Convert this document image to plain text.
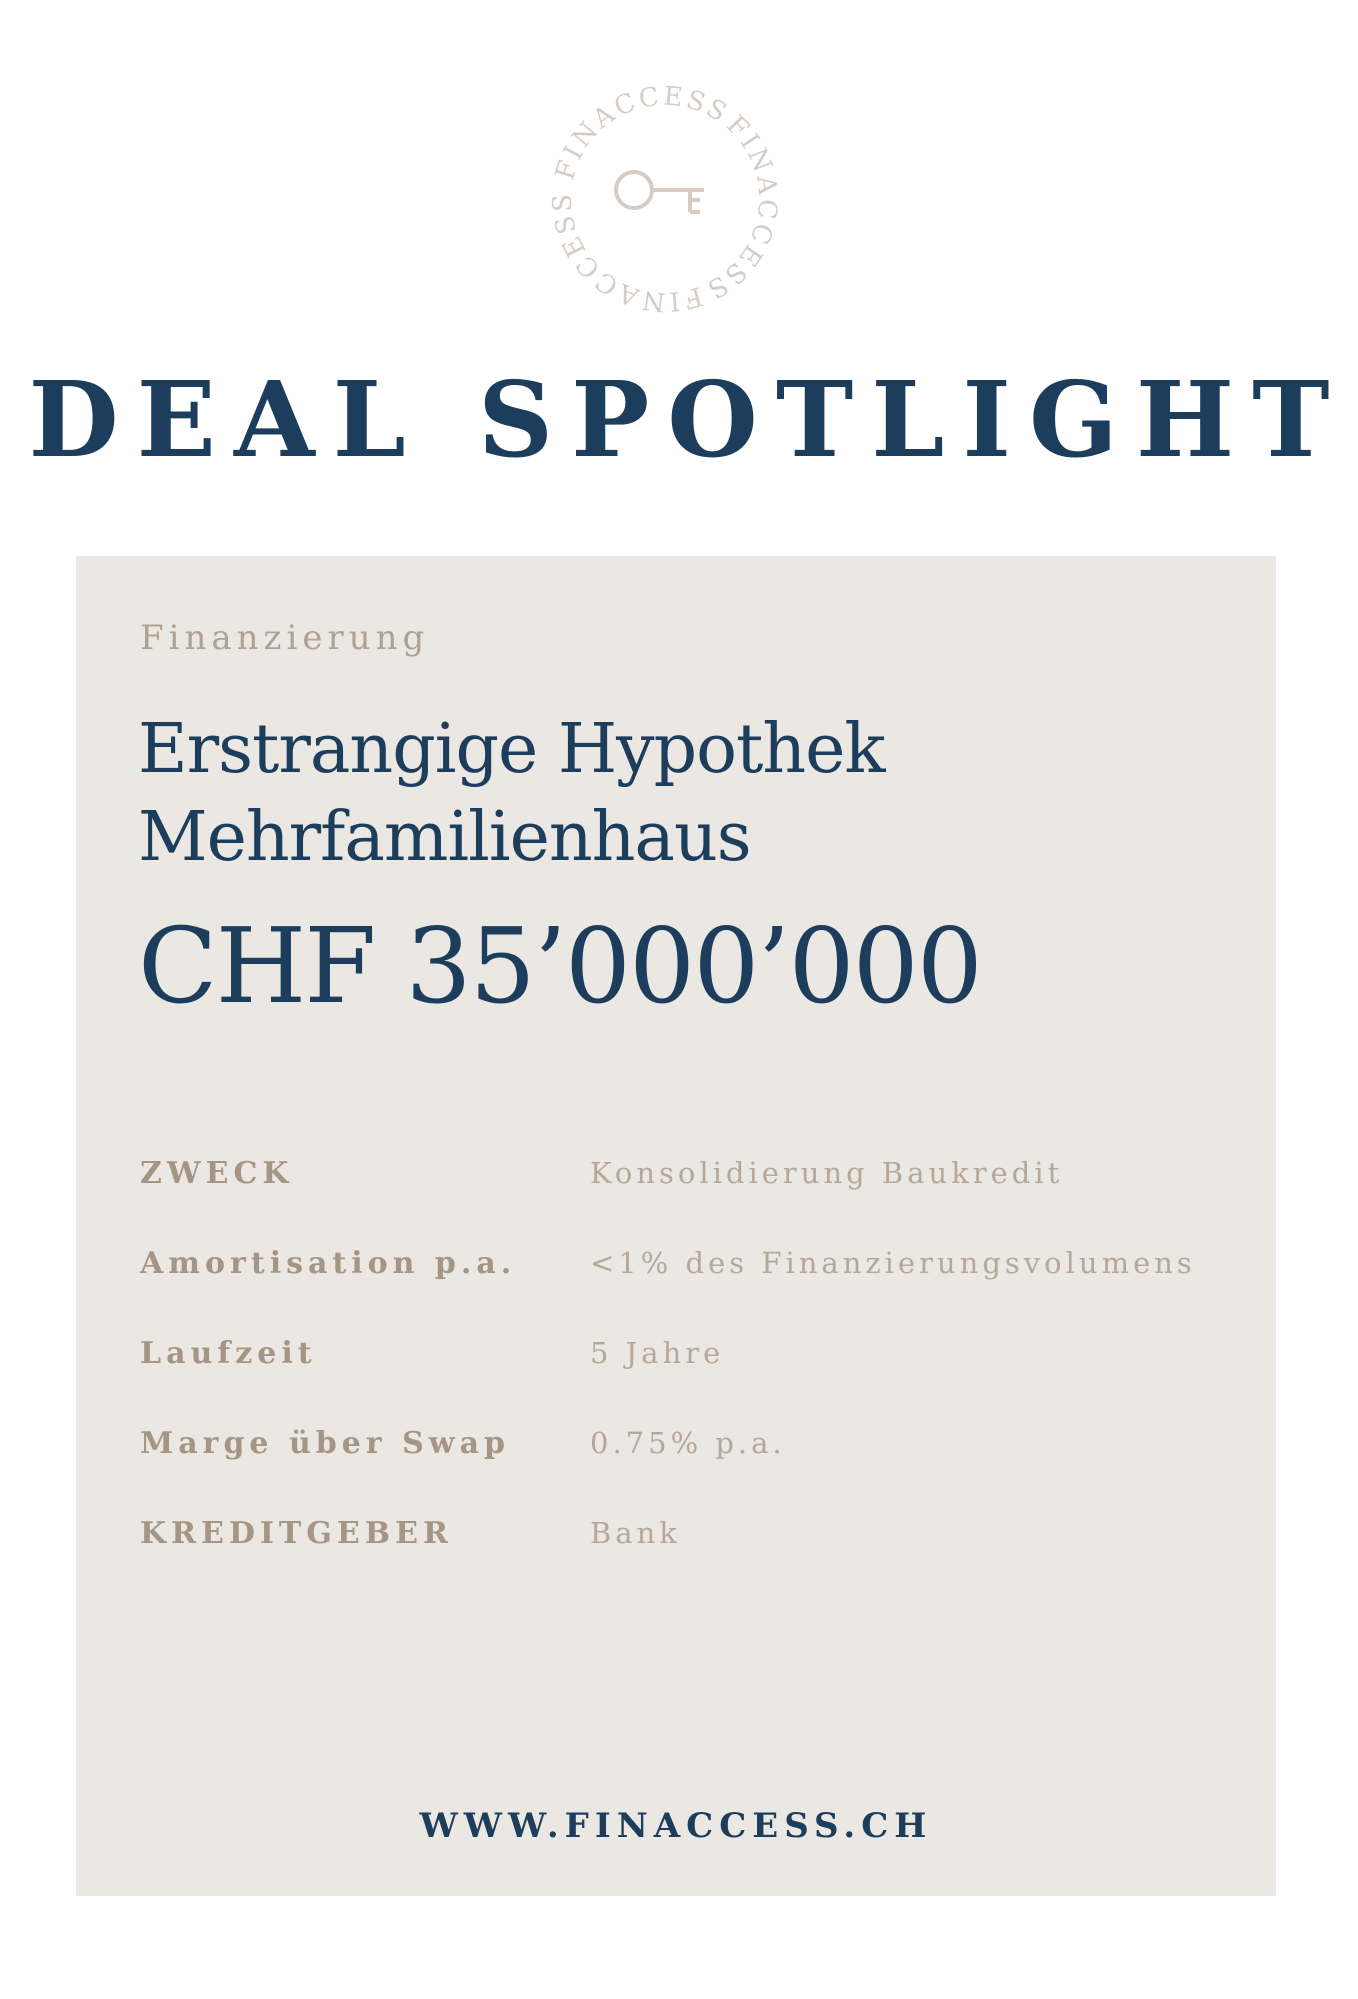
FINACCESS
FINACCESS
FINACCESS
DEAL SPOTLIGHT
Finanzierung
Erstrangige Hypothek
Mehrfamilienhaus
CHF 35’000’000
ZWECK	Konsolidierung Baukredit
Amortisation p.a.	<1% des Finanzierungsvolumens
Laufzeit	5 Jahre
Marge über Swap	0.75% p.a.
KREDITGEBER	Bank
WWW.FINACCESS.CH
